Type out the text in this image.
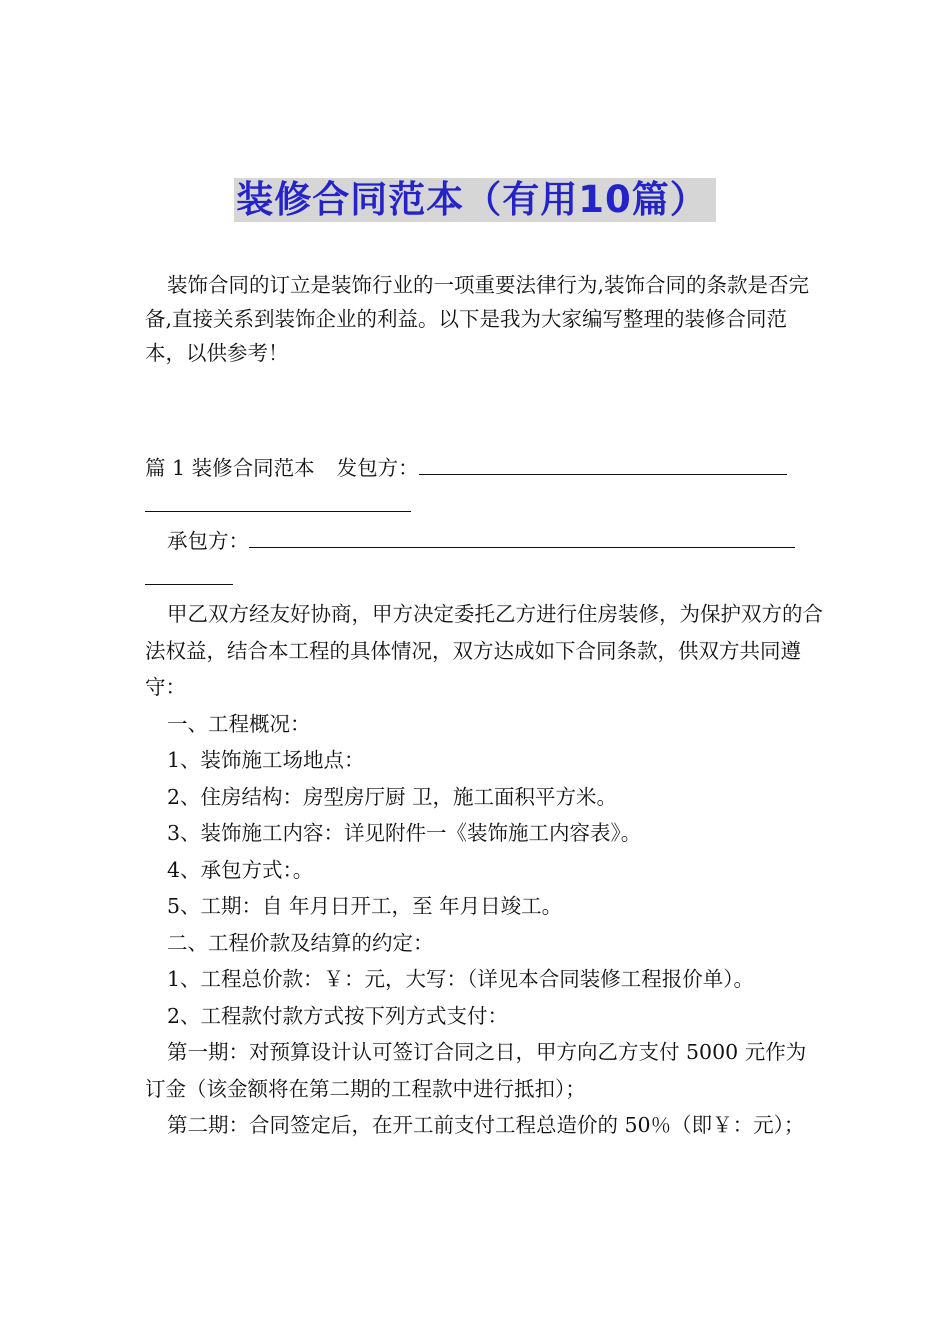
装修合同范本（有用10篇）

装饰合同的订立是装饰行业的一项重要法律行为,装饰合同的条款是否完备,直接关系到装饰企业的利益。以下是我为大家编写整理的装修合同范本，以供参考！

篇 1 装修合同范本 发包方：
承包方：

甲乙双方经友好协商，甲方决定委托乙方进行住房装修，为保护双方的合法权益，结合本工程的具体情况，双方达成如下合同条款，供双方共同遵守：

一、工程概况：
1、装饰施工场地点：
2、住房结构：房型房厅厨 卫，施工面积平方米。
3、装饰施工内容：详见附件一《装饰施工内容表》。
4、承包方式：。
5、工期：自 年月日开工，至 年月日竣工。
二、工程价款及结算的约定：
1、工程总价款：￥：元，大写：（详见本合同装修工程报价单）。
2、工程款付款方式按下列方式支付：

第一期：对预算设计认可签订合同之日，甲方向乙方支付 5000 元作为订金（该金额将在第二期的工程款中进行抵扣）；

第二期：合同签定后，在开工前支付工程总造价的 50％（即￥：元）；
